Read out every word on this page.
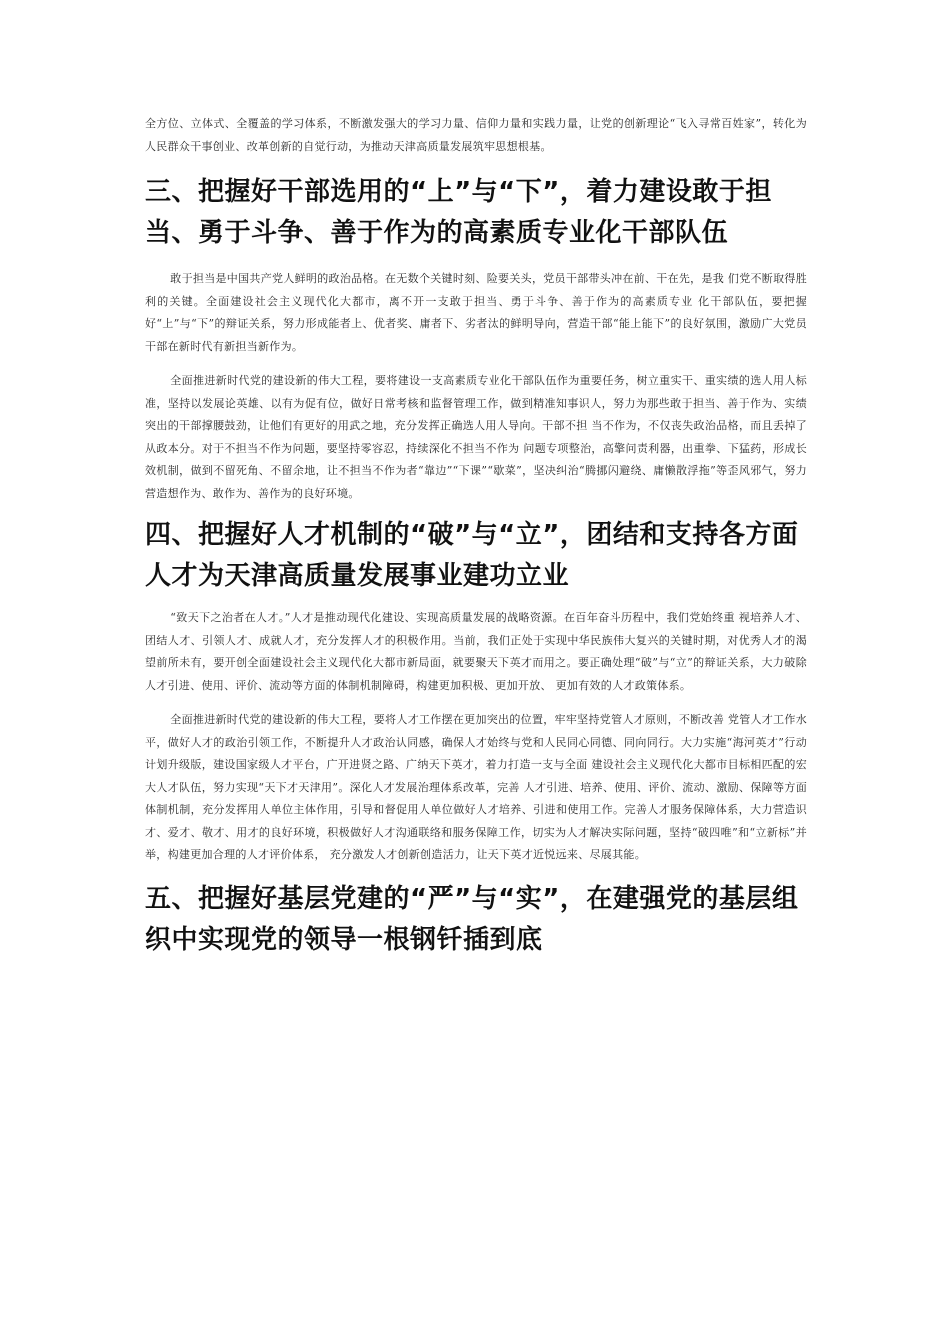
全方位、立体式、全覆盖的学习体系，不断激发强大的学习力量、信仰力量和实践力量，让党的创新理论“飞入寻常百姓家”，转化为人民群众干事创业、改革创新的自觉行动，为推动天津高质量发展筑牢思想根基。

三、把握好干部选用的“上”与“下”，着力建设敢于担当、勇于斗争、善于作为的高素质专业化干部队伍

敢于担当是中国共产党人鲜明的政治品格。在无数个关键时刻、险要关头，党员干部带头冲在前、干在先，是我 们党不断取得胜利的关键。全面建设社会主义现代化大都市，离不开一支敢于担当、勇于斗争、善于作为的高素质专业 化干部队伍，要把握好“上”与“下”的辩证关系，努力形成能者上、优者奖、庸者下、劣者汰的鲜明导向，营造干部“能上能下”的良好氛围，激励广大党员干部在新时代有新担当新作为。

全面推进新时代党的建设新的伟大工程，要将建设一支高素质专业化干部队伍作为重要任务，树立重实干、重实绩的选人用人标准，坚持以发展论英雄、以有为促有位，做好日常考核和监督管理工作，做到精准知事识人，努力为那些敢于担当、善于作为、实绩突出的干部撑腰鼓劲，让他们有更好的用武之地，充分发挥正确选人用人导向。干部不担 当不作为，不仅丧失政治品格，而且丢掉了从政本分。对于不担当不作为问题，要坚持零容忍，持续深化不担当不作为 问题专项整治，高擎问责利器，出重拳、下猛药，形成长效机制，做到不留死角、不留余地，让不担当不作为者“靠边”“下课”“歇菜”，坚决纠治“腾挪闪避绕、庸懒散浮拖”等歪风邪气，努力营造想作为、敢作为、善作为的良好环境。

四、把握好人才机制的“破”与“立”，团结和支持各方面人才为天津高质量发展事业建功立业

“致天下之治者在人才。”人才是推动现代化建设、实现高质量发展的战略资源。在百年奋斗历程中，我们党始终重 视培养人才、团结人才、引领人才、成就人才，充分发挥人才的积极作用。当前，我们正处于实现中华民族伟大复兴的关键时期，对优秀人才的渴望前所未有，要开创全面建设社会主义现代化大都市新局面，就要聚天下英才而用之。要正确处理“破”与“立”的辩证关系，大力破除人才引进、使用、评价、流动等方面的体制机制障碍，构建更加积极、更加开放、 更加有效的人才政策体系。

全面推进新时代党的建设新的伟大工程，要将人才工作摆在更加突出的位置，牢牢坚持党管人才原则，不断改善 党管人才工作水平，做好人才的政治引领工作，不断提升人才政治认同感，确保人才始终与党和人民同心同德、同向同行。大力实施“海河英才”行动计划升级版，建设国家级人才平台，广开进贤之路、广纳天下英才，着力打造一支与全面 建设社会主义现代化大都市目标相匹配的宏大人才队伍，努力实现“天下才天津用”。深化人才发展治理体系改革，完善 人才引进、培养、使用、评价、流动、激励、保障等方面体制机制，充分发挥用人单位主体作用，引导和督促用人单位做好人才培养、引进和使用工作。完善人才服务保障体系，大力营造识才、爱才、敬才、用才的良好环境，积极做好人才沟通联络和服务保障工作，切实为人才解决实际问题，坚持“破四唯”和“立新标”并举，构建更加合理的人才评价体系， 充分激发人才创新创造活力，让天下英才近悦远来、尽展其能。

五、把握好基层党建的“严”与“实”，在建强党的基层组织中实现党的领导一根钢钎插到底
